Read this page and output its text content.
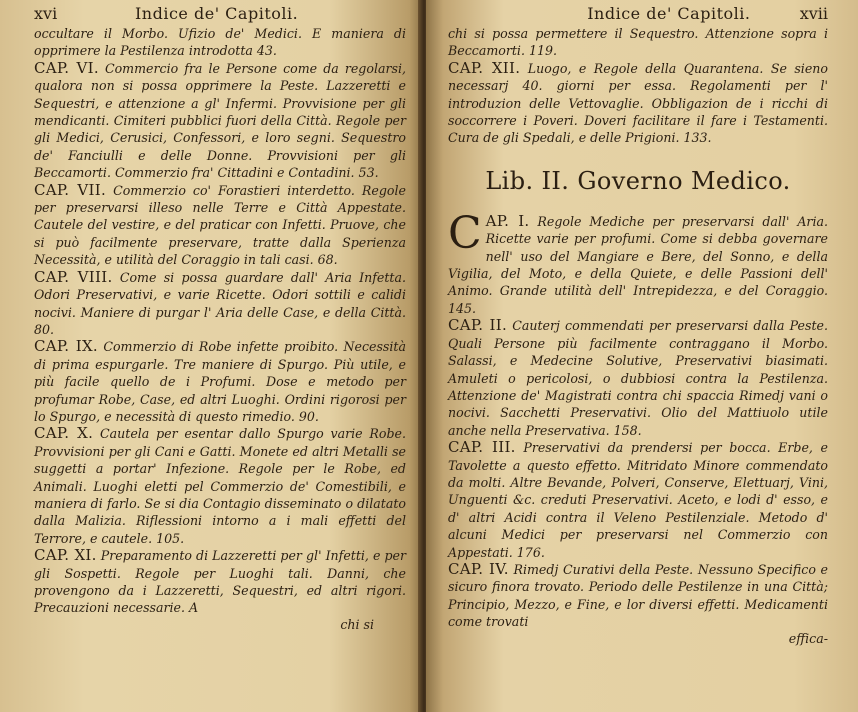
xvi	Indice de' Capitoli.

occultare il Morbo. Ufizio de' Medici. E maniera di opprimere la Pestilenza introdotta 43.

CAP. VI. Commercio fra le Persone come da regolarsi, qualora non si possa opprimere la Peste. Lazzeretti e Sequestri, e attenzione a gl' Infermi. Provvisione per gli mendicanti. Cimiteri pubblici fuori della Città. Regole per gli Medici, Cerusici, Confessori, e loro segni. Sequestro de' Fanciulli e delle Donne. Provvisioni per gli Beccamorti. Commerzio fra' Cittadini e Contadini. 53.

CAP. VII. Commerzio co' Forastieri interdetto. Regole per preservarsi illeso nelle Terre e Città Appestate. Cautele del vestire, e del praticar con Infetti. Pruove, che si può facilmente preservare, tratte dalla Sperienza Necessità, e utilità del Coraggio in tali casi. 68.

CAP. VIII. Come si possa guardare dall' Aria Infetta. Odori Preservativi, e varie Ricette. Odori sottili e calidi nocivi. Maniere di purgar l' Aria delle Case, e della Città. 80.

CAP. IX. Commerzio di Robe infette proibito. Necessità di prima espurgarle. Tre maniere di Spurgo. Più utile, e più facile quello de i Profumi. Dose e metodo per profumar Robe, Case, ed altri Luoghi. Ordini rigorosi per lo Spurgo, e necessità di questo rimedio. 90.

CAP. X. Cautela per esentar dallo Spurgo varie Robe. Provvisioni per gli Cani e Gatti. Monete ed altri Metalli se suggetti a portar' Infezione. Regole per le Robe, ed Animali. Luoghi eletti pel Commerzio de' Comestibili, e maniera di farlo. Se si dia Contagio disseminato o dilatato dalla Malizia. Riflessioni intorno a i mali effetti del Terrore, e cautele. 105.

CAP. XI. Preparamento di Lazzeretti per gl' Infetti, e per gli Sospetti. Regole per Luoghi tali. Danni, che provengono da i Lazzeretti, Sequestri, ed altri rigori. Precauzioni necessarie. A

chi si
Indice de' Capitoli.	xvii

chi si possa permettere il Sequestro. Attenzione sopra i Beccamorti. 119.

CAP. XII. Luogo, e Regole della Quarantena. Se sieno necessarj 40. giorni per essa. Regolamenti per l' introduzion delle Vettovaglie. Obbligazion de i ricchi di soccorrere i Poveri. Doveri facilitare il fare i Testamenti. Cura de gli Spedali, e delle Prigioni. 133.

Lib. II. Governo Medico.

CAP. I. Regole Mediche per preservarsi dall' Aria. Ricette varie per profumi. Come si debba governare nell' uso del Mangiare e Bere, del Sonno, e della Vigilia, del Moto, e della Quiete, e delle Passioni dell' Animo. Grande utilità dell' Intrepidezza, e del Coraggio. 145.

CAP. II. Cauterj commendati per preservarsi dalla Peste. Quali Persone più facilmente contraggano il Morbo. Salassi, e Medecine Solutive, Preservativi biasimati. Amuleti o pericolosi, o dubbiosi contra la Pestilenza. Attenzione de' Magistrati contra chi spaccia Rimedj vani o nocivi. Sacchetti Preservativi. Olio del Mattiuolo utile anche nella Preservativa. 158.

CAP. III. Preservativi da prendersi per bocca. Erbe, e Tavolette a questo effetto. Mitridato Minore commendato da molti. Altre Bevande, Polveri, Conserve, Elettuarj, Vini, Unguenti &c. creduti Preservativi. Aceto, e lodi d' esso, e d' altri Acidi contra il Veleno Pestilenziale. Metodo d' alcuni Medici per preservarsi nel Commerzio con Appestati. 176.

CAP. IV. Rimedj Curativi della Peste. Nessuno Specifico e sicuro finora trovato. Periodo delle Pestilenze in una Città; Principio, Mezzo, e Fine, e lor diversi effetti. Medicamenti come trovati

effica-
